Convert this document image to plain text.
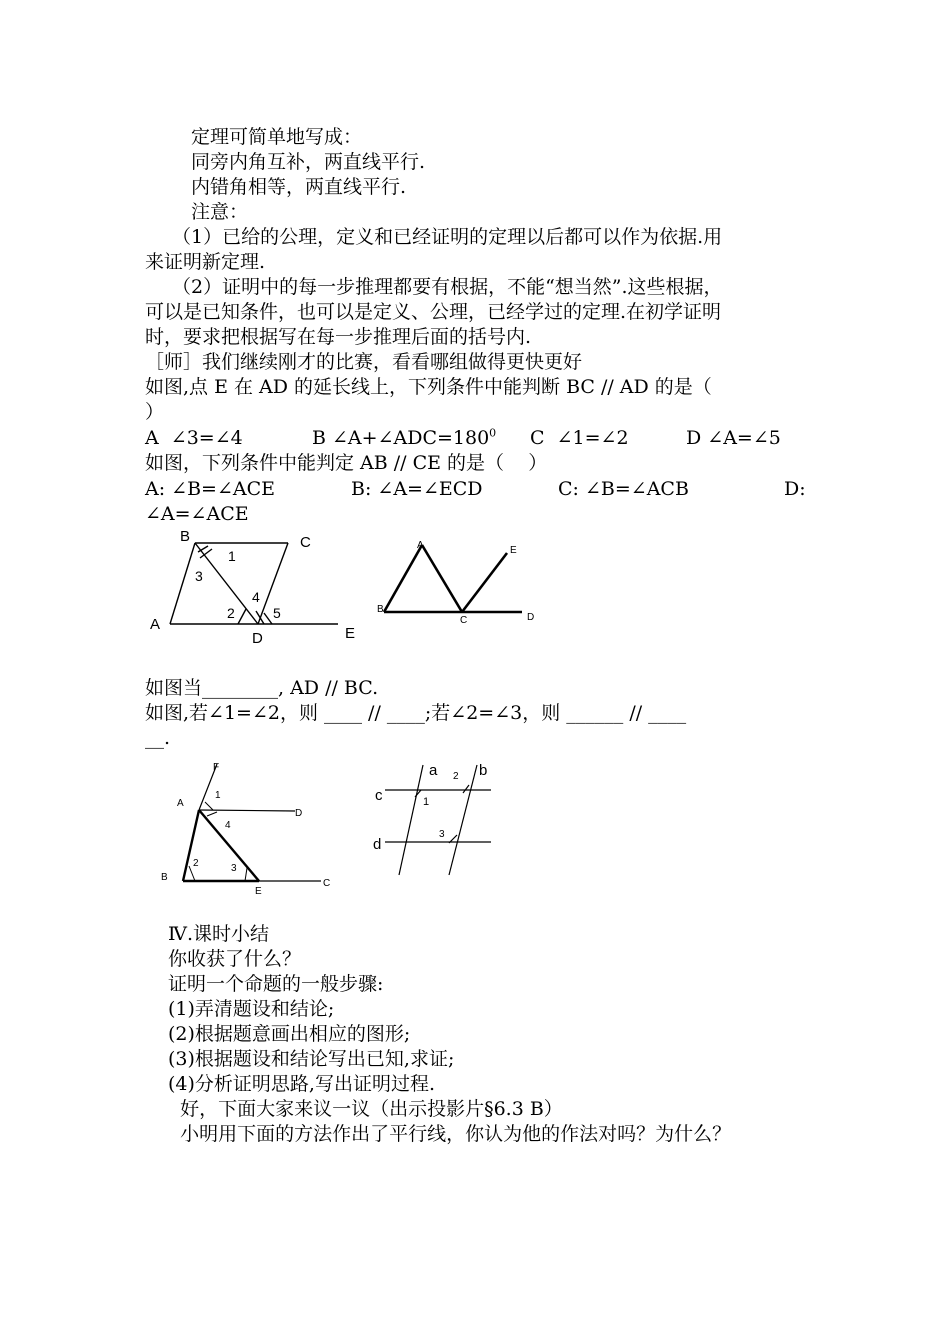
定理可简单地写成：
同旁内角互补，两直线平行.
内错角相等，两直线平行.
注意：
（1）已给的公理，定义和已经证明的定理以后都可以作为依据.用
来证明新定理.
（2）证明中的每一步推理都要有根据，不能“想当然”.这些根据，
可以是已知条件，也可以是定义、公理，已经学过的定理.在初学证明
时，要求把根据写在每一步推理后面的括号内.
［师］我们继续刚才的比赛，看看哪组做得更快更好
如图,点 E 在 AD 的延长线上，下列条件中能判断 BC // AD 的是（
）
A  ∠3=∠4	B $\angle A+\angle ADC=180^0$ C  ∠1=∠2	D ∠A=∠5
如图，下列条件中能判定 AB // CE 的是（    ）
A: ∠B=∠ACE	B: ∠A=∠ECD	C: ∠B=∠ACB	D:
∠A=∠ACE
B	C
A
D	E
1
3
2
4
5
A	E
B
C	D
如图当________, AD // BC.
如图,若∠1=∠2，则 ____ // ____;若∠2=∠3，则 ______ // ____
__.
F
A
D
B
E
C
1
4
2	3
a	b
c
d
1
2
3
Ⅳ.课时小结
你收获了什么？
证明一个命题的一般步骤:
(1)弄清题设和结论;
(2)根据题意画出相应的图形;
(3)根据题设和结论写出已知,求证;
(4)分析证明思路,写出证明过程.
好，下面大家来议一议（出示投影片§6.3 B）
小明用下面的方法作出了平行线，你认为他的作法对吗？为什么？
